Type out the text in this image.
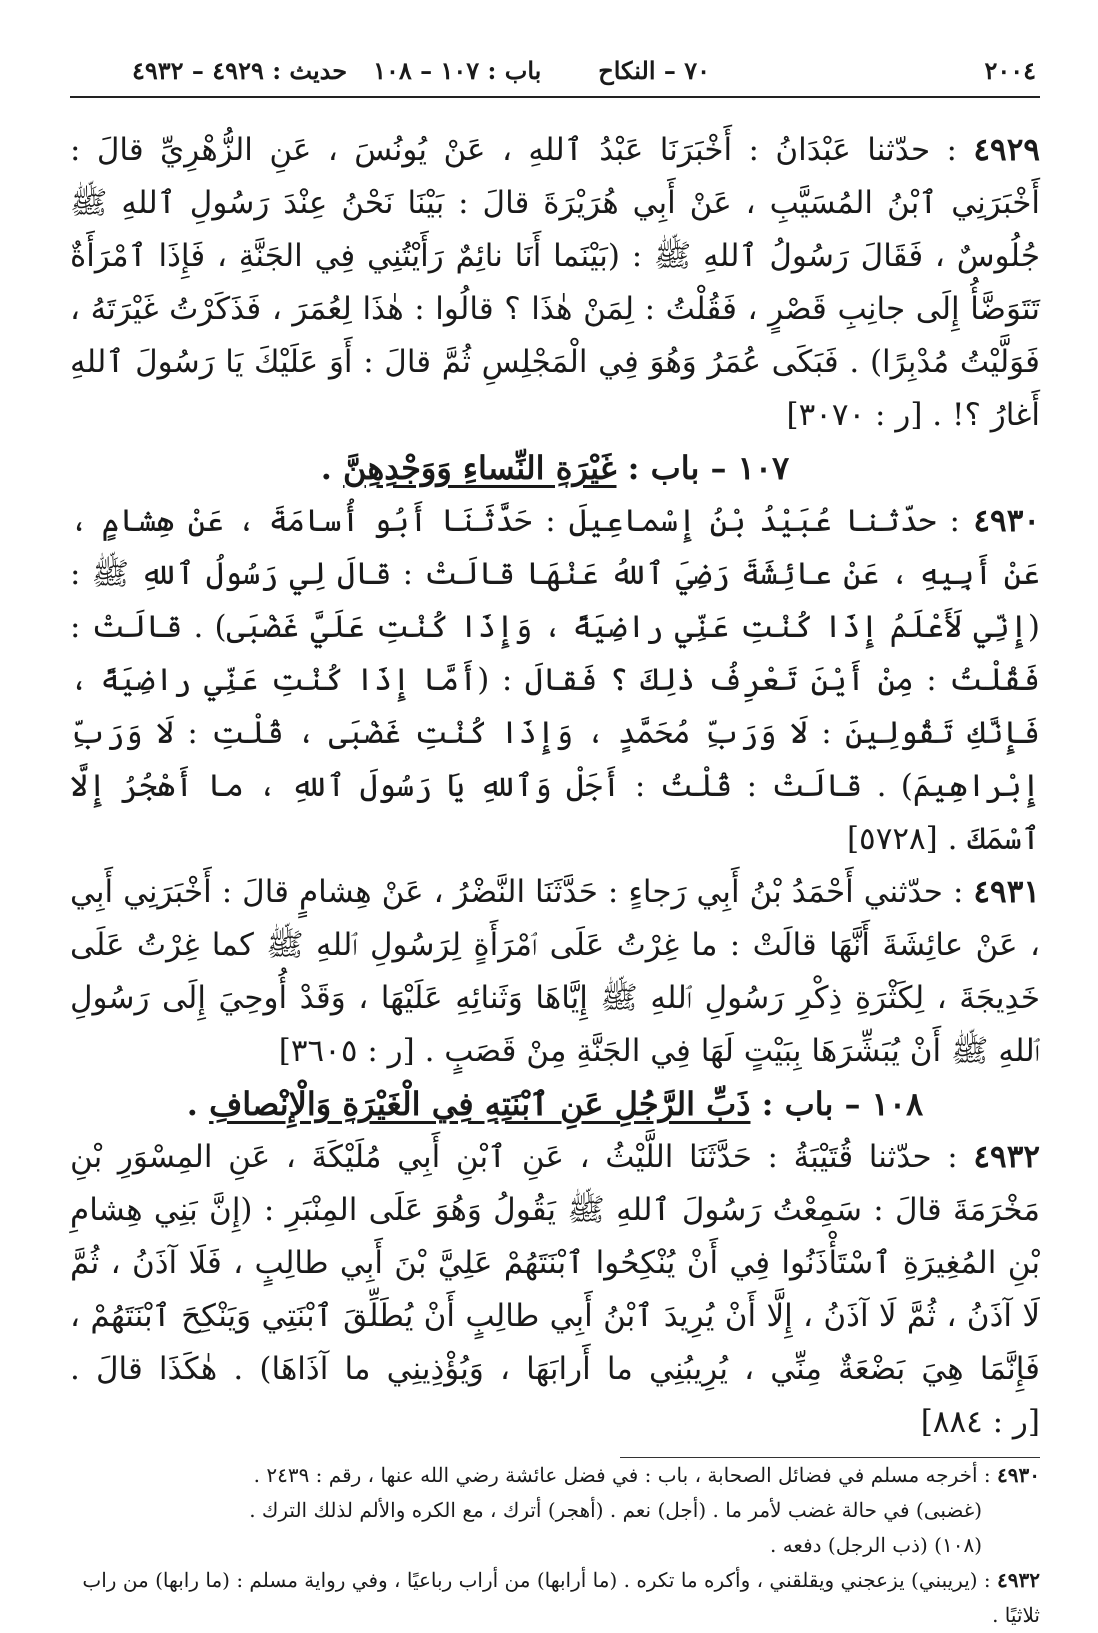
٢٠٠٤
٧٠ – النكاح
باب : ١٠٧ – ١٠٨حديث : ٤٩٢٩ – ٤٩٣٢

٤٩٢٩ : حدّثنا عَبْدَانُ : أَخْبَرَنَا عَبْدُ ٱللهِ ، عَنْ يُونُسَ ، عَنِ الزُّهْرِيِّ قالَ : أَخْبَرَنِي ٱبْنُ المُسَيَّبِ ، عَنْ أَبِي هُرَيْرَةَ قالَ : بَيْنَا نَحْنُ عِنْدَ رَسُولِ ٱللهِ ﷺ جُلُوسٌ ، فَقَالَ رَسُولُ ٱللهِ ﷺ : (بَيْنَما أَنَا نائِمٌ رَأَيْتُنِي فِي الجَنَّةِ ، فَإِذَا ٱمْرَأَةٌ تَتَوَضَّأُ إِلَى جانِبِ قَصْرٍ ، فَقُلْتُ : لِمَنْ هٰذَا ؟ قالُوا : هٰذَا لِعُمَرَ ، فَذَكَرْتُ غَيْرَتَهُ ، فَوَلَّيْتُ مُدْبِرًا) . فَبَكَى عُمَرُ وَهُوَ فِي الْمَجْلِسِ ثُمَّ قالَ : أَوَ عَلَيْكَ يَا رَسُولَ ٱللهِ أَغارُ ؟! . [ر : ٣٠٧٠]

١٠٧ – باب : غَيْرَةِ النِّساءِ وَوَجْدِهِنَّ .

٤٩٣٠ : حدّثنا عُبَيْدُ بْنُ إِسْماعِيلَ : حَدَّثَنَا أَبُو أُسامَةَ ، عَنْ هِشامٍ ، عَنْ أَبِيهِ ، عَنْ عائِشَةَ رَضِيَ ٱللهُ عَنْهَا قالَتْ : قالَ لِي رَسُولُ ٱللهِ ﷺ : (إِنِّي لَأَعْلَمُ إِذَا كُنْتِ عَنِّي راضِيَةً ، وَإِذَا كُنْتِ عَلَيَّ غَضْبَى) . قالَتْ : فَقُلْتُ : مِنْ أَيْنَ تَعْرِفُ ذٰلِكَ ؟ فَقالَ : (أَمَّا إِذَا كُنْتِ عَنِّي راضِيَةً ، فَإِنَّكِ تَقُولِينَ : لَا وَرَبِّ مُحَمَّدٍ ، وَإِذَا كُنْتِ غَضْبَى ، قُلْتِ : لَا وَرَبِّ إِبْراهِيمَ) . قالَتْ : قُلْتُ : أَجَلْ وَٱللهِ يَا رَسُولَ ٱللهِ ، ما أَهْجُرُ إِلَّا ٱسْمَكَ . [٥٧٢٨]

٤٩٣١ : حدّثني أَحْمَدُ بْنُ أَبِي رَجاءٍ : حَدَّثَنَا النَّضْرُ ، عَنْ هِشامٍ قالَ : أَخْبَرَنِي أَبِي ، عَنْ عائِشَةَ أَنَّهَا قالَتْ : ما غِرْتُ عَلَى ٱمْرَأَةٍ لِرَسُولِ ٱللهِ ﷺ كما غِرْتُ عَلَى خَدِيجَةَ ، لِكَثْرَةِ ذِكْرِ رَسُولِ ٱللهِ ﷺ إِيَّاهَا وَثَنائِهِ عَلَيْهَا ، وَقَدْ أُوحِيَ إِلَى رَسُولِ ٱللهِ ﷺ أَنْ يُبَشِّرَهَا بِبَيْتٍ لَهَا فِي الجَنَّةِ مِنْ قَصَبٍ . [ر : ٣٦٠٥]

١٠٨ – باب : ذَبِّ الرَّجُلِ عَنِ ٱبْنَتِهِ فِي الْغَيْرَةِ وَالْإِنْصافِ .

٤٩٣٢ : حدّثنا قُتَيْبَةُ : حَدَّثَنَا اللَّيْثُ ، عَنِ ٱبْنِ أَبِي مُلَيْكَةَ ، عَنِ المِسْوَرِ بْنِ مَخْرَمَةَ قالَ : سَمِعْتُ رَسُولَ ٱللهِ ﷺ يَقُولُ وَهُوَ عَلَى المِنْبَرِ : (إِنَّ بَنِي هِشامِ بْنِ المُغِيرَةِ ٱسْتَأْذَنُوا فِي أَنْ يُنْكِحُوا ٱبْنَتَهُمْ عَلِيَّ بْنَ أَبِي طالِبٍ ، فَلَا آذَنُ ، ثُمَّ لَا آذَنُ ، ثُمَّ لَا آذَنُ ، إِلَّا أَنْ يُرِيدَ ٱبْنُ أَبِي طالِبٍ أَنْ يُطَلِّقَ ٱبْنَتِي وَيَنْكِحَ ٱبْنَتَهُمْ ، فَإِنَّمَا هِيَ بَضْعَةٌ مِنِّي ، يُرِيبُنِي ما أَرابَهَا ، وَيُؤْذِينِي ما آذَاهَا) . هٰكَذَا قالَ . [ر : ٨٨٤]

٤٩٣٠ : أخرجه مسلم في فضائل الصحابة ، باب : في فضل عائشة رضي الله عنها ، رقم : ٢٤٣٩ .
(غضبى) في حالة غضب لأمر ما . (أجل) نعم . (أهجر) أترك ، مع الكره والألم لذلك الترك .
(١٠٨) (ذب الرجل) دفعه .
٤٩٣٢ : (يريبني) يزعجني ويقلقني ، وأكره ما تكره . (ما أرابها) من أراب رباعيًا ، وفي رواية مسلم : (ما رابها) من راب ثلاثيًا .
